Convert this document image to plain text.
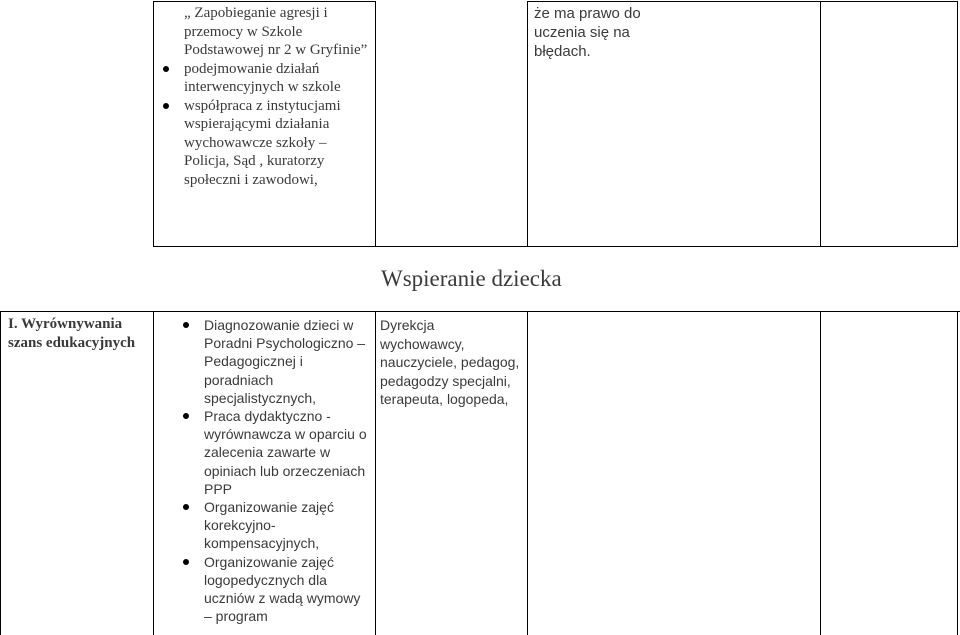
„ Zapobieganie agresji i przemocy w Szkole Podstawowej nr 2 w Gryfinie”
podejmowanie działań interwencyjnych w szkole
współpraca z instytucjami wspierającymi działania wychowawcze szkoły – Policja, Sąd , kuratorzy społeczni i zawodowi,
że ma prawo do uczenia się na błędach.
Wspieranie dziecka
I. Wyrównywania szans edukacyjnych
Diagnozowanie dzieci w Poradni Psychologiczno – Pedagogicznej i poradniach specjalistycznych,
Praca dydaktyczno - wyrównawcza w oparciu o zalecenia zawarte w opiniach lub orzeczeniach PPP
Organizowanie zajęć korekcyjno-kompensacyjnych,
Organizowanie zajęć logopedycznych dla uczniów z wadą wymowy – program
Dyrekcja wychowawcy, nauczyciele, pedagog, pedagodzy specjalni, terapeuta, logopeda,
